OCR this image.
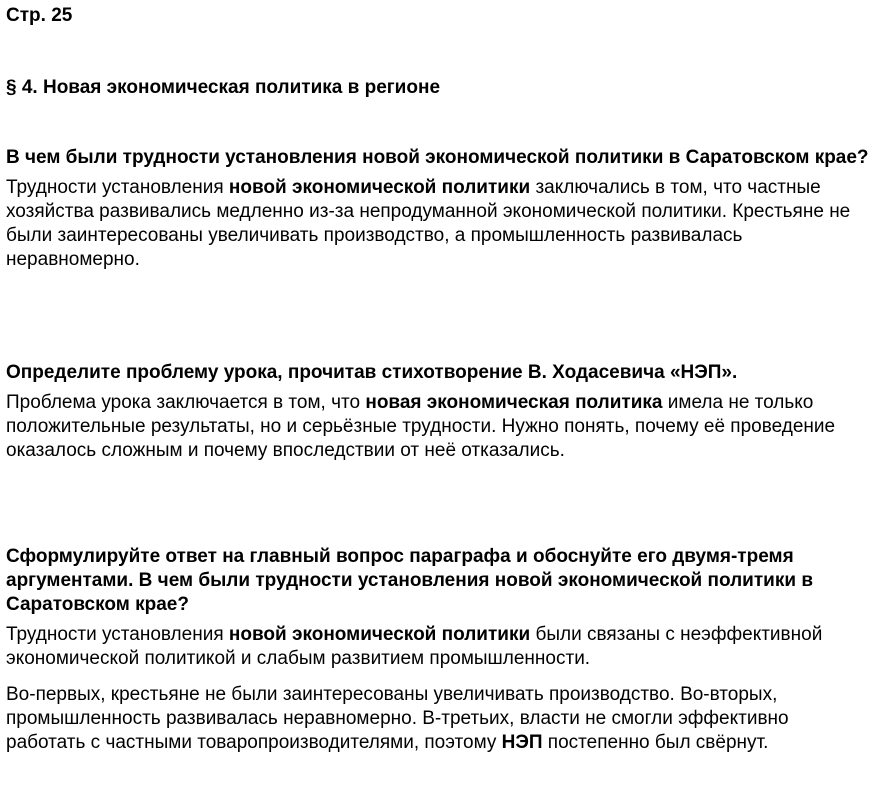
Стр. 25
§ 4. Новая экономическая политика в регионе

В чем были трудности установления новой экономической политики в Саратовском крае?

Трудности установления новой экономической политики заключались в том, что частные хозяйства развивались медленно из-за непродуманной экономической политики. Крестьяне не были заинтересованы увеличивать производство, а промышленность развивалась неравномерно.

Определите проблему урока, прочитав стихотворение В. Ходасевича «НЭП».

Проблема урока заключается в том, что новая экономическая политика имела не только положительные результаты, но и серьёзные трудности. Нужно понять, почему её проведение оказалось сложным и почему впоследствии от неё отказались.

Сформулируйте ответ на главный вопрос параграфа и обоснуйте его двумя-тремя аргументами. В чем были трудности установления новой экономической политики в Саратовском крае?

Трудности установления новой экономической политики были связаны с неэффективной экономической политикой и слабым развитием промышленности.

Во-первых, крестьяне не были заинтересованы увеличивать производство. Во-вторых, промышленность развивалась неравномерно. В-третьих, власти не смогли эффективно работать с частными товаропроизводителями, поэтому НЭП постепенно был свёрнут.
